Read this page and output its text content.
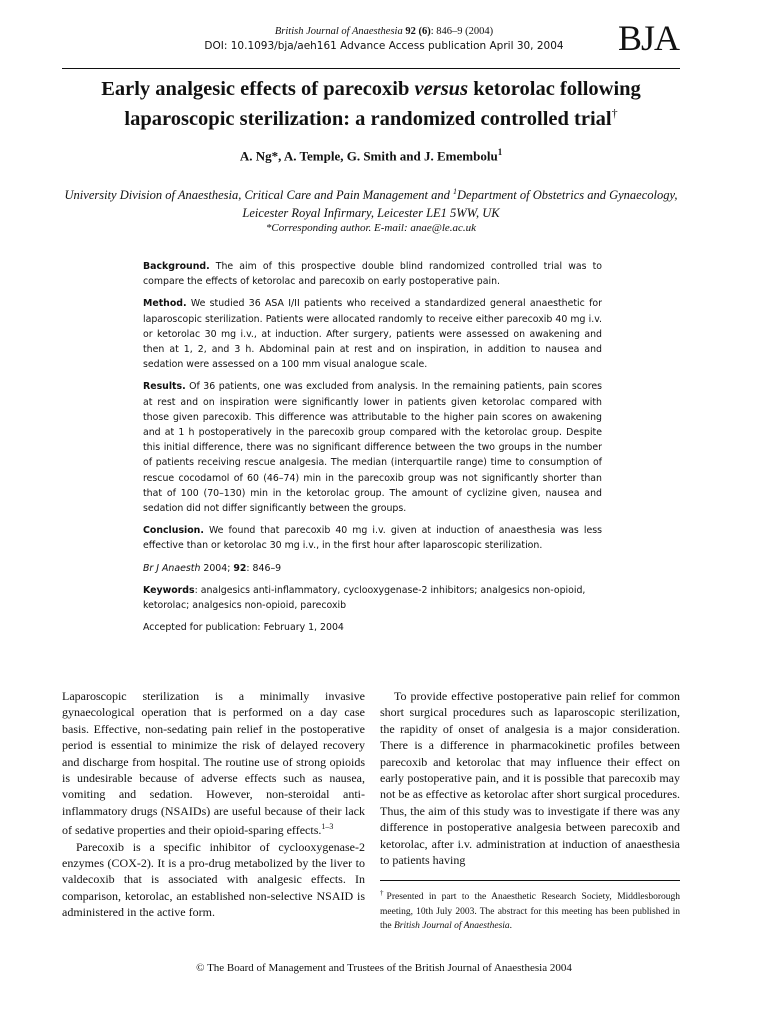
British Journal of Anaesthesia 92 (6): 846–9 (2004)
DOI: 10.1093/bja/aeh161 Advance Access publication April 30, 2004	BJA
Early analgesic effects of parecoxib versus ketorolac following laparoscopic sterilization: a randomized controlled trial†
A. Ng*, A. Temple, G. Smith and J. Emembolu$^1$
University Division of Anaesthesia, Critical Care and Pain Management and $^1$Department of Obstetrics and Gynaecology, Leicester Royal Infirmary, Leicester LE1 5WW, UK
*Corresponding author. E-mail: anae@le.ac.uk

Background. The aim of this prospective double blind randomized controlled trial was to compare the effects of ketorolac and parecoxib on early postoperative pain.

Method. We studied 36 ASA I/II patients who received a standardized general anaesthetic for laparoscopic sterilization. Patients were allocated randomly to receive either parecoxib 40 mg i.v. or ketorolac 30 mg i.v., at induction. After surgery, patients were assessed on awakening and then at 1, 2, and 3 h. Abdominal pain at rest and on inspiration, in addition to nausea and sedation were assessed on a 100 mm visual analogue scale.

Results. Of 36 patients, one was excluded from analysis. In the remaining patients, pain scores at rest and on inspiration were significantly lower in patients given ketorolac compared with those given parecoxib. This difference was attributable to the higher pain scores on awakening and at 1 h postoperatively in the parecoxib group compared with the ketorolac group. Despite this initial difference, there was no significant difference between the two groups in the number of patients receiving rescue analgesia. The median (interquartile range) time to consumption of rescue cocodamol of 60 (46–74) min in the parecoxib group was not significantly shorter than that of 100 (70–130) min in the ketorolac group. The amount of cyclizine given, nausea and sedation did not differ significantly between the groups.

Conclusion. We found that parecoxib 40 mg i.v. given at induction of anaesthesia was less effective than or ketorolac 30 mg i.v., in the first hour after laparoscopic sterilization.

Br J Anaesth 2004; 92: 846–9

Keywords: analgesics anti-inflammatory, cyclooxygenase-2 inhibitors; analgesics non-opioid, ketorolac; analgesics non-opioid, parecoxib

Accepted for publication: February 1, 2004

Laparoscopic sterilization is a minimally invasive gynaecological operation that is performed on a day case basis. Effective, non-sedating pain relief in the postoperative period is essential to minimize the risk of delayed recovery and discharge from hospital. The routine use of strong opioids is undesirable because of adverse effects such as nausea, vomiting and sedation. However, non-steroidal anti-inflammatory drugs (NSAIDs) are useful because of their lack of sedative properties and their opioid-sparing effects.$^{1-3}$

Parecoxib is a specific inhibitor of cyclooxygenase-2 enzymes (COX-2). It is a pro-drug metabolized by the liver to valdecoxib that is associated with analgesic effects. In comparison, ketorolac, an established non-selective NSAID is administered in the active form.

To provide effective postoperative pain relief for common short surgical procedures such as laparoscopic sterilization, the rapidity of onset of analgesia is a major consideration. There is a difference in pharmacokinetic profiles between parecoxib and ketorolac that may influence their effect on early postoperative pain, and it is possible that parecoxib may not be as effective as ketorolac after short surgical procedures. Thus, the aim of this study was to investigate if there was any difference in postoperative analgesia between parecoxib and ketorolac, after i.v. administration at induction of anaesthesia to patients having

†Presented in part to the Anaesthetic Research Society, Middlesborough meeting, 10th July 2003. The abstract for this meeting has been published in the British Journal of Anaesthesia.
© The Board of Management and Trustees of the British Journal of Anaesthesia 2004
